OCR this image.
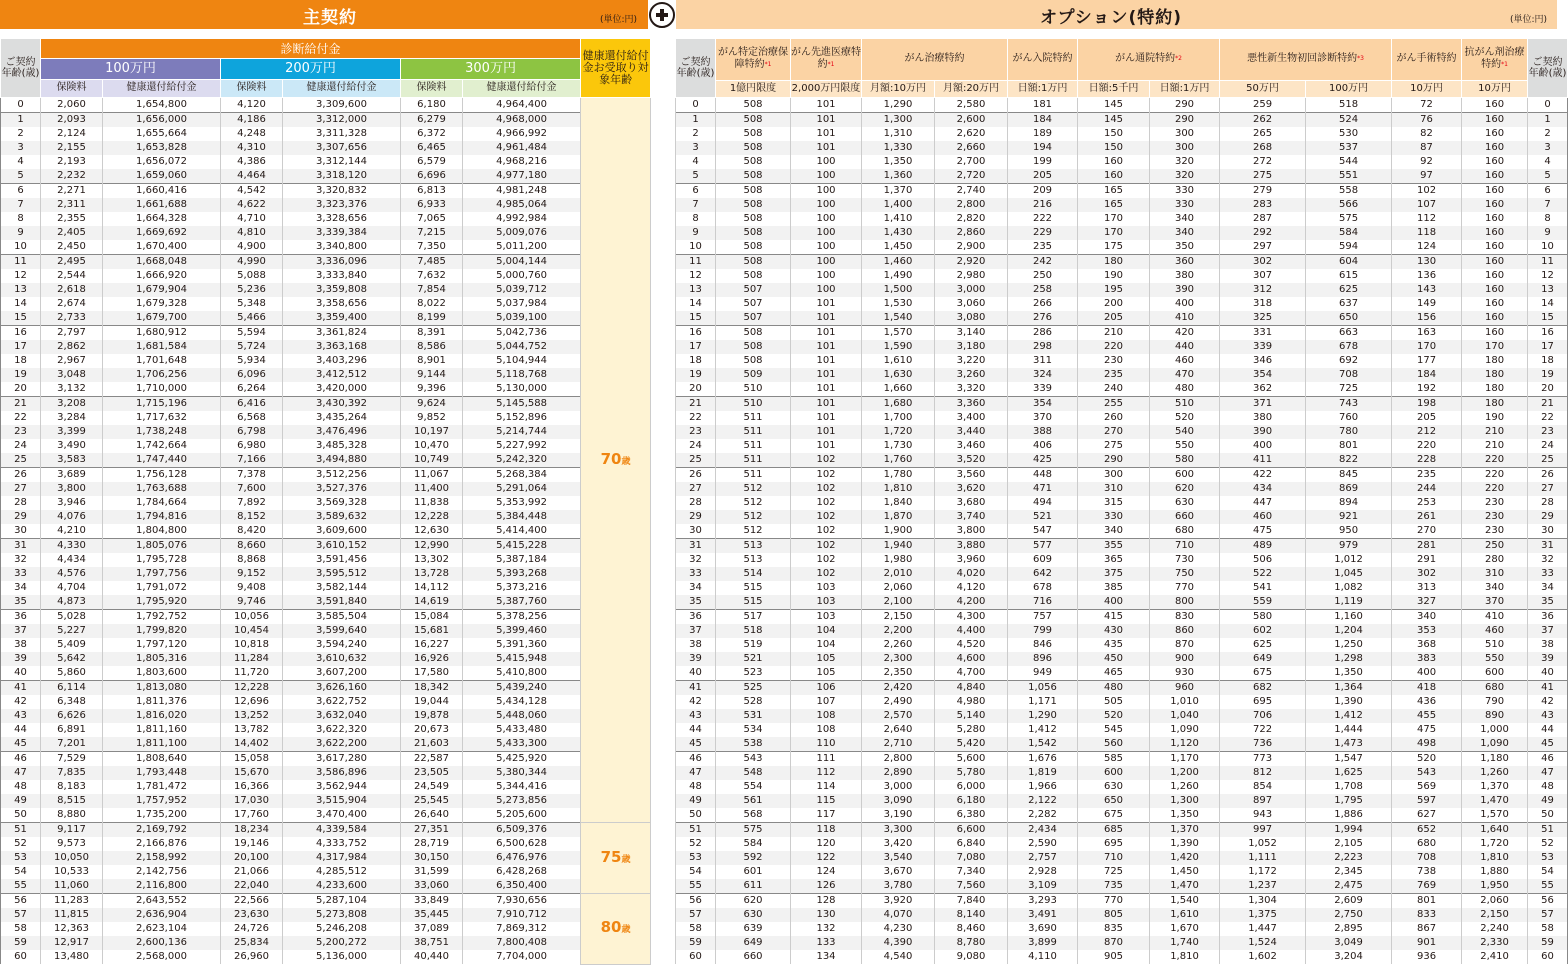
主契約	(単位:円)	オプション(特約)	(単位:円)
ご契約年齢(歳)	診断給付金						健康還付給付金お受取り対象年齢
	100万円		200万円		300万円		
	保険料	健康還付給付金	保険料	健康還付給付金	保険料	健康還付給付金	
0	2,060	1,654,800	4,120	3,309,600	6,180	4,964,400	70歳
1	2,093	1,656,000	4,186	3,312,000	6,279	4,968,000	
2	2,124	1,655,664	4,248	3,311,328	6,372	4,966,992	
3	2,155	1,653,828	4,310	3,307,656	6,465	4,961,484	
4	2,193	1,656,072	4,386	3,312,144	6,579	4,968,216	
5	2,232	1,659,060	4,464	3,318,120	6,696	4,977,180	
6	2,271	1,660,416	4,542	3,320,832	6,813	4,981,248	
7	2,311	1,661,688	4,622	3,323,376	6,933	4,985,064	
8	2,355	1,664,328	4,710	3,328,656	7,065	4,992,984	
9	2,405	1,669,692	4,810	3,339,384	7,215	5,009,076	
10	2,450	1,670,400	4,900	3,340,800	7,350	5,011,200	
11	2,495	1,668,048	4,990	3,336,096	7,485	5,004,144	
12	2,544	1,666,920	5,088	3,333,840	7,632	5,000,760	
13	2,618	1,679,904	5,236	3,359,808	7,854	5,039,712	
14	2,674	1,679,328	5,348	3,358,656	8,022	5,037,984	
15	2,733	1,679,700	5,466	3,359,400	8,199	5,039,100	
16	2,797	1,680,912	5,594	3,361,824	8,391	5,042,736	
17	2,862	1,681,584	5,724	3,363,168	8,586	5,044,752	
18	2,967	1,701,648	5,934	3,403,296	8,901	5,104,944	
19	3,048	1,706,256	6,096	3,412,512	9,144	5,118,768	
20	3,132	1,710,000	6,264	3,420,000	9,396	5,130,000	
21	3,208	1,715,196	6,416	3,430,392	9,624	5,145,588	
22	3,284	1,717,632	6,568	3,435,264	9,852	5,152,896	
23	3,399	1,738,248	6,798	3,476,496	10,197	5,214,744	
24	3,490	1,742,664	6,980	3,485,328	10,470	5,227,992	
25	3,583	1,747,440	7,166	3,494,880	10,749	5,242,320	
26	3,689	1,756,128	7,378	3,512,256	11,067	5,268,384	
27	3,800	1,763,688	7,600	3,527,376	11,400	5,291,064	
28	3,946	1,784,664	7,892	3,569,328	11,838	5,353,992	
29	4,076	1,794,816	8,152	3,589,632	12,228	5,384,448	
30	4,210	1,804,800	8,420	3,609,600	12,630	5,414,400	
31	4,330	1,805,076	8,660	3,610,152	12,990	5,415,228	
32	4,434	1,795,728	8,868	3,591,456	13,302	5,387,184	
33	4,576	1,797,756	9,152	3,595,512	13,728	5,393,268	
34	4,704	1,791,072	9,408	3,582,144	14,112	5,373,216	
35	4,873	1,795,920	9,746	3,591,840	14,619	5,387,760	
36	5,028	1,792,752	10,056	3,585,504	15,084	5,378,256	
37	5,227	1,799,820	10,454	3,599,640	15,681	5,399,460	
38	5,409	1,797,120	10,818	3,594,240	16,227	5,391,360	
39	5,642	1,805,316	11,284	3,610,632	16,926	5,415,948	
40	5,860	1,803,600	11,720	3,607,200	17,580	5,410,800	
41	6,114	1,813,080	12,228	3,626,160	18,342	5,439,240	
42	6,348	1,811,376	12,696	3,622,752	19,044	5,434,128	
43	6,626	1,816,020	13,252	3,632,040	19,878	5,448,060	
44	6,891	1,811,160	13,782	3,622,320	20,673	5,433,480	
45	7,201	1,811,100	14,402	3,622,200	21,603	5,433,300	
46	7,529	1,808,640	15,058	3,617,280	22,587	5,425,920	
47	7,835	1,793,448	15,670	3,586,896	23,505	5,380,344	
48	8,183	1,781,472	16,366	3,562,944	24,549	5,344,416	
49	8,515	1,757,952	17,030	3,515,904	25,545	5,273,856	
50	8,880	1,735,200	17,760	3,470,400	26,640	5,205,600	
51	9,117	2,169,792	18,234	4,339,584	27,351	6,509,376	75歳
52	9,573	2,166,876	19,146	4,333,752	28,719	6,500,628	
53	10,050	2,158,992	20,100	4,317,984	30,150	6,476,976	
54	10,533	2,142,756	21,066	4,285,512	31,599	6,428,268	
55	11,060	2,116,800	22,040	4,233,600	33,060	6,350,400	
56	11,283	2,643,552	22,566	5,287,104	33,849	7,930,656	80歳
57	11,815	2,636,904	23,630	5,273,808	35,445	7,910,712	
58	12,363	2,623,104	24,726	5,246,208	37,089	7,869,312	
59	12,917	2,600,136	25,834	5,200,272	38,751	7,800,408	
60	13,480	2,568,000	26,960	5,136,000	40,440	7,704,000	
ご契約年齢(歳)	がん特定治療保障特約$^{*1}$	がん先進医療特約$^{*1}$	がん治療特約		がん入院特約	がん通院特約$^{*2}$		悪性新生物初回診断特約$^{*3}$		がん手術特約	抗がん剤治療特約$^{*1}$	ご契約年齢(歳)
	1億円限度	2,000万円限度	月額:10万円	月額:20万円	日額:1万円	日額:5千円	日額:1万円	50万円	100万円	10万円	10万円	
0	508	101	1,290	2,580	181	145	290	259	518	72	160	0
1	508	101	1,300	2,600	184	145	290	262	524	76	160	1
2	508	101	1,310	2,620	189	150	300	265	530	82	160	2
3	508	101	1,330	2,660	194	150	300	268	537	87	160	3
4	508	100	1,350	2,700	199	160	320	272	544	92	160	4
5	508	100	1,360	2,720	205	160	320	275	551	97	160	5
6	508	100	1,370	2,740	209	165	330	279	558	102	160	6
7	508	100	1,400	2,800	216	165	330	283	566	107	160	7
8	508	100	1,410	2,820	222	170	340	287	575	112	160	8
9	508	100	1,430	2,860	229	170	340	292	584	118	160	9
10	508	100	1,450	2,900	235	175	350	297	594	124	160	10
11	508	100	1,460	2,920	242	180	360	302	604	130	160	11
12	508	100	1,490	2,980	250	190	380	307	615	136	160	12
13	507	100	1,500	3,000	258	195	390	312	625	143	160	13
14	507	101	1,530	3,060	266	200	400	318	637	149	160	14
15	507	101	1,540	3,080	276	205	410	325	650	156	160	15
16	508	101	1,570	3,140	286	210	420	331	663	163	160	16
17	508	101	1,590	3,180	298	220	440	339	678	170	170	17
18	508	101	1,610	3,220	311	230	460	346	692	177	180	18
19	509	101	1,630	3,260	324	235	470	354	708	184	180	19
20	510	101	1,660	3,320	339	240	480	362	725	192	180	20
21	510	101	1,680	3,360	354	255	510	371	743	198	180	21
22	511	101	1,700	3,400	370	260	520	380	760	205	190	22
23	511	101	1,720	3,440	388	270	540	390	780	212	210	23
24	511	101	1,730	3,460	406	275	550	400	801	220	210	24
25	511	102	1,760	3,520	425	290	580	411	822	228	220	25
26	511	102	1,780	3,560	448	300	600	422	845	235	220	26
27	512	102	1,810	3,620	471	310	620	434	869	244	220	27
28	512	102	1,840	3,680	494	315	630	447	894	253	230	28
29	512	102	1,870	3,740	521	330	660	460	921	261	230	29
30	512	102	1,900	3,800	547	340	680	475	950	270	230	30
31	513	102	1,940	3,880	577	355	710	489	979	281	250	31
32	513	102	1,980	3,960	609	365	730	506	1,012	291	280	32
33	514	102	2,010	4,020	642	375	750	522	1,045	302	310	33
34	515	103	2,060	4,120	678	385	770	541	1,082	313	340	34
35	515	103	2,100	4,200	716	400	800	559	1,119	327	370	35
36	517	103	2,150	4,300	757	415	830	580	1,160	340	410	36
37	518	104	2,200	4,400	799	430	860	602	1,204	353	460	37
38	519	104	2,260	4,520	846	435	870	625	1,250	368	510	38
39	521	105	2,300	4,600	896	450	900	649	1,298	383	550	39
40	523	105	2,350	4,700	949	465	930	675	1,350	400	600	40
41	525	106	2,420	4,840	1,056	480	960	682	1,364	418	680	41
42	528	107	2,490	4,980	1,171	505	1,010	695	1,390	436	790	42
43	531	108	2,570	5,140	1,290	520	1,040	706	1,412	455	890	43
44	534	108	2,640	5,280	1,412	545	1,090	722	1,444	475	1,000	44
45	538	110	2,710	5,420	1,542	560	1,120	736	1,473	498	1,090	45
46	543	111	2,800	5,600	1,676	585	1,170	773	1,547	520	1,180	46
47	548	112	2,890	5,780	1,819	600	1,200	812	1,625	543	1,260	47
48	554	114	3,000	6,000	1,966	630	1,260	854	1,708	569	1,370	48
49	561	115	3,090	6,180	2,122	650	1,300	897	1,795	597	1,470	49
50	568	117	3,190	6,380	2,282	675	1,350	943	1,886	627	1,570	50
51	575	118	3,300	6,600	2,434	685	1,370	997	1,994	652	1,640	51
52	584	120	3,420	6,840	2,590	695	1,390	1,052	2,105	680	1,720	52
53	592	122	3,540	7,080	2,757	710	1,420	1,111	2,223	708	1,810	53
54	601	124	3,670	7,340	2,928	725	1,450	1,172	2,345	738	1,880	54
55	611	126	3,780	7,560	3,109	735	1,470	1,237	2,475	769	1,950	55
56	620	128	3,920	7,840	3,293	770	1,540	1,304	2,609	801	2,060	56
57	630	130	4,070	8,140	3,491	805	1,610	1,375	2,750	833	2,150	57
58	639	132	4,230	8,460	3,690	835	1,670	1,447	2,895	867	2,240	58
59	649	133	4,390	8,780	3,899	870	1,740	1,524	3,049	901	2,330	59
60	660	134	4,540	9,080	4,110	905	1,810	1,602	3,204	936	2,410	60
